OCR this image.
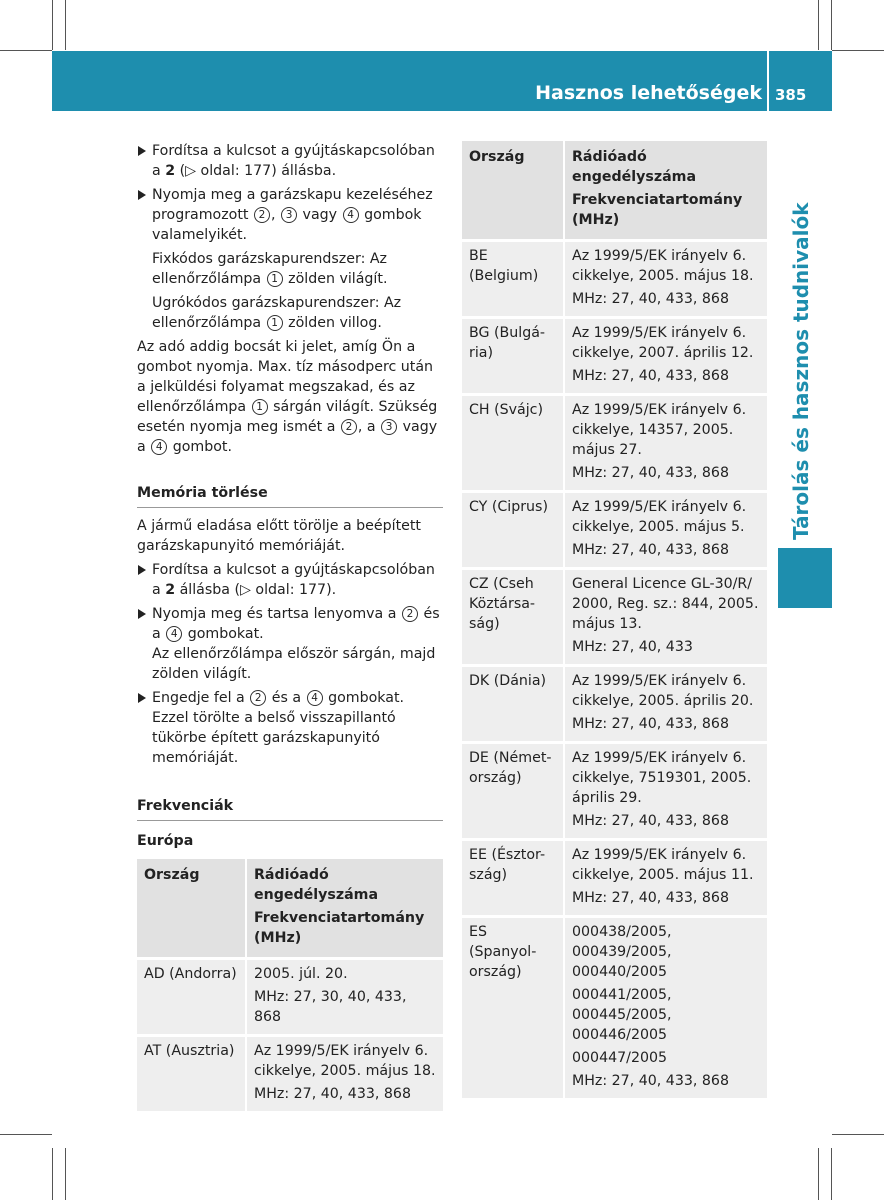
Hasznos lehetőségek 385
Tárolás és hasznos tudnivalók
Fordítsa a kulcsot a gyújtáskapcsolóban a 2 (▷ oldal: 177) állásba.
Nyomja meg a garázskapu kezeléséhez programozott 2 , 3 vagy 4 gombok valamelyikét.
Fixkódos garázskapurendszer: Az ellenőrzőlámpa 1 zölden világít.
Ugrókódos garázskapurendszer: Az ellenőrzőlámpa 1 zölden villog.

Az adó addig bocsát ki jelet, amíg Ön a gombot nyomja. Max. tíz másodperc után a jelküldési folyamat megszakad, és az ellenőrzőlámpa 1 sárgán világít. Szükség esetén nyomja meg ismét a 2 , a 3 vagy a 4 gombot.

Memória törlése

A jármű eladása előtt törölje a beépített garázskapunyitó memóriáját.

Fordítsa a kulcsot a gyújtáskapcsolóban a 2 állásba (▷ oldal: 177).
Nyomja meg és tartsa lenyomva a 2 és a 4 gombokat.
Az ellenőrzőlámpa először sárgán, majd zölden világít.
Engedje fel a 2 és a 4 gombokat.
Ezzel törölte a belső visszapillantó tükörbe épített garázskapunyitó memóriáját.
Frekvenciák
Európa
Ország	Rádióadó engedélyszáma

Frekvenciatartomány (MHz)

AD (Andorra)	2005. júl. 20.

MHz: 27, 30, 40, 433, 868

AT (Ausztria)	Az 1999/5/EK irányelv 6. cikkelye, 2005. május 18.

MHz: 27, 40, 433, 868

Ország	Rádióadó engedélyszáma

Frekvenciatartomány (MHz)

BE (Belgium)	Az 1999/5/EK irányelv 6. cikkelye, 2005. május 18.

MHz: 27, 40, 433, 868

BG (Bulgá-ria)	Az 1999/5/EK irányelv 6. cikkelye, 2007. április 12.

MHz: 27, 40, 433, 868

CH (Svájc)	Az 1999/5/EK irányelv 6. cikkelye, 14357, 2005. május 27.

MHz: 27, 40, 433, 868

CY (Ciprus)	Az 1999/5/EK irányelv 6. cikkelye, 2005. május 5.

MHz: 27, 40, 433, 868

CZ (Cseh Köztársa-ság)	General Licence GL-30/R/ 2000, Reg. sz.: 844, 2005. május 13.

MHz: 27, 40, 433

DK (Dánia)	Az 1999/5/EK irányelv 6. cikkelye, 2005. április 20.

MHz: 27, 40, 433, 868

DE (Német-ország)	Az 1999/5/EK irányelv 6. cikkelye, 7519301, 2005. április 29.

MHz: 27, 40, 433, 868

EE (Észtor-szág)	Az 1999/5/EK irányelv 6. cikkelye, 2005. május 11.

MHz: 27, 40, 433, 868

ES (Spanyol-ország)	000438/2005, 000439/2005, 000440/2005

000441/2005, 000445/2005, 000446/2005

000447/2005

MHz: 27, 40, 433, 868
